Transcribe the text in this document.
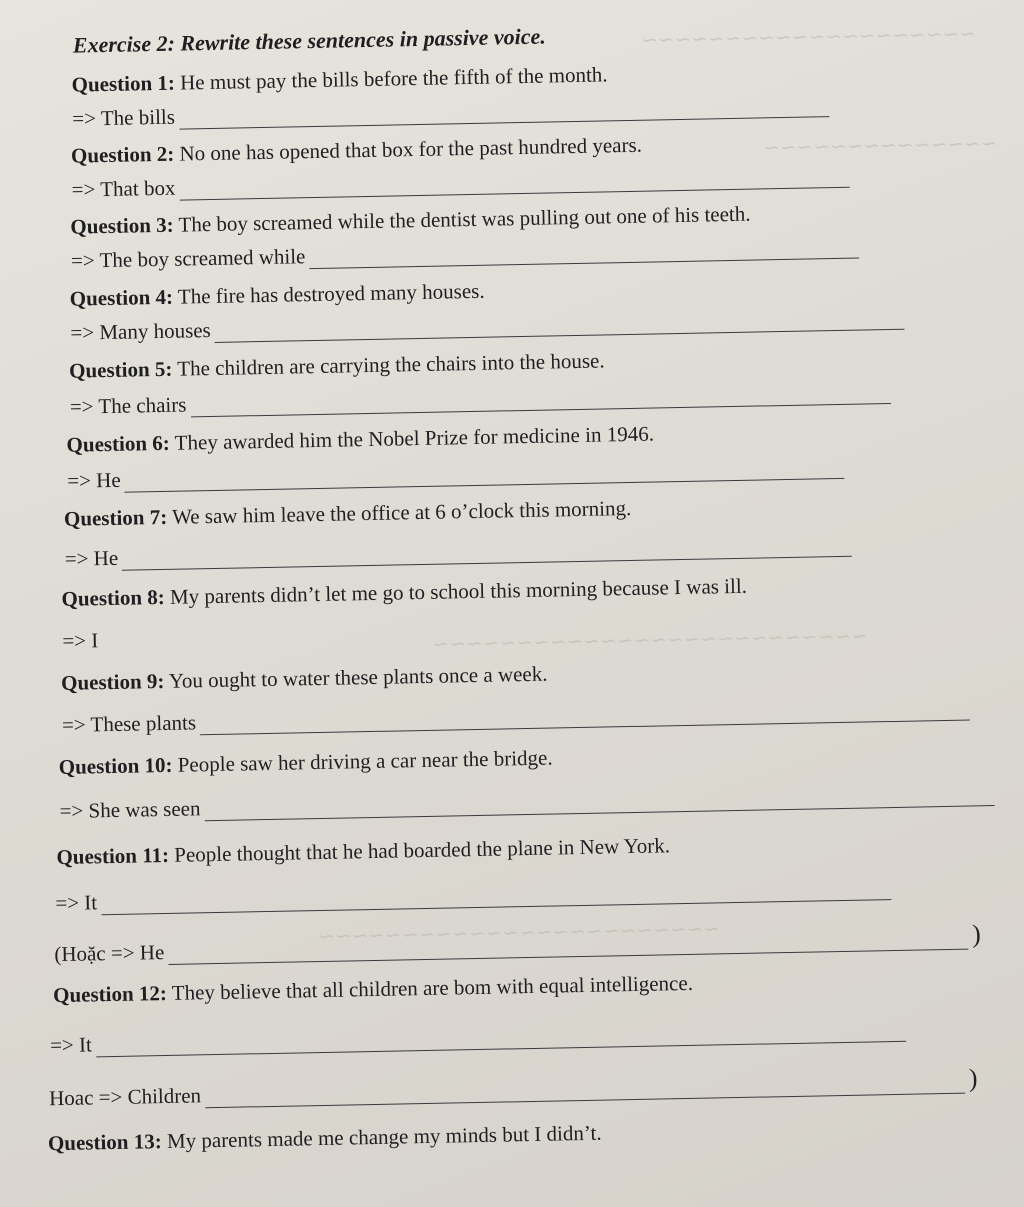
~~~~~~~~~~~~~~~~~~~~
~~~~~~~~~~~~~~
~~~~~~~~~~~~~~~~~~~~~~~~~~
~~~~~~~~~~~~~~~~~~~~~~~~
Exercise 2: Rewrite these sentences in passive voice.
Question 1: He must pay the bills before the fifth of the month.
=> The bills
Question 2: No one has opened that box for the past hundred years.
=> That box
Question 3: The boy screamed while the dentist was pulling out one of his teeth.
=> The boy screamed while
Question 4: The fire has destroyed many houses.
=> Many houses
Question 5: The children are carrying the chairs into the house.
=> The chairs
Question 6: They awarded him the Nobel Prize for medicine in 1946.
=> He
Question 7: We saw him leave the office at 6 o’clock this morning.
=> He
Question 8: My parents didn’t let me go to school this morning because I was ill.
=> I
Question 9: You ought to water these plants once a week.
=> These plants
Question 10: People saw her driving a car near the bridge.
=> She was seen
Question 11: People thought that he had boarded the plane in New York.
=> It
(Hoặc => He
)
Question 12: They believe that all children are bom with equal intelligence.
=> It
Hoac => Children
)
Question 13: My parents made me change my minds but I didn’t.
